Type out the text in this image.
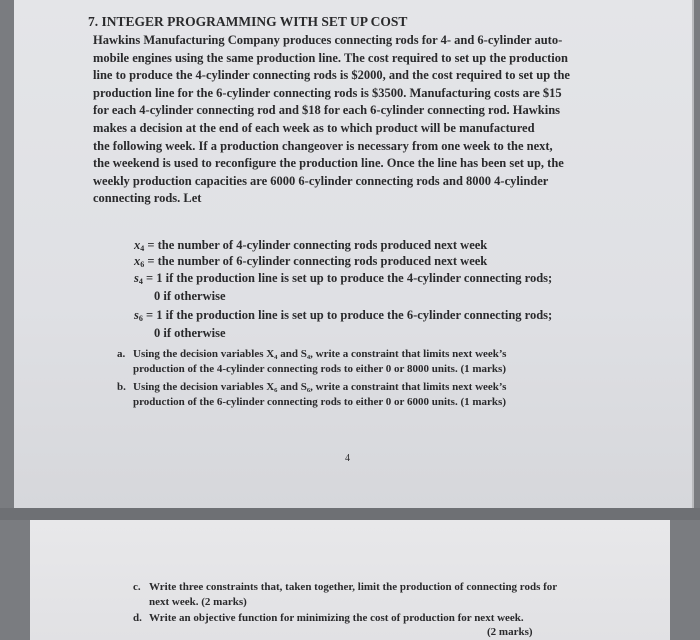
7. INTEGER PROGRAMMING WITH SET UP COST
Hawkins Manufacturing Company produces connecting rods for 4- and 6-cylinder auto-
mobile engines using the same production line. The cost required to set up the production
line to produce the 4-cylinder connecting rods is $2000, and the cost required to set up the
production line for the 6-cylinder connecting rods is $3500. Manufacturing costs are $15
for each 4-cylinder connecting rod and $18 for each 6-cylinder connecting rod. Hawkins
makes a decision at the end of each week as to which product will be manufactured
the following week. If a production changeover is necessary from one week to the next,
the weekend is used to reconfigure the production line. Once the line has been set up, the
weekly production capacities are 6000 6-cylinder connecting rods and 8000 4-cylinder
connecting rods. Let
$x_4$ = the number of 4-cylinder connecting rods produced next week
$x_6$ = the number of 6-cylinder connecting rods produced next week
$s_4 = 1$ if the production line is set up to produce the 4-cylinder connecting rods;
0 if otherwise
$s_6 = 1$ if the production line is set up to produce the 6-cylinder connecting rods;
0 if otherwise
a. Using the decision variables X₄ and S₄, write a constraint that limits next week’s
production of the 4-cylinder connecting rods to either 0 or 8000 units. (1 marks)
b. Using the decision variables X₆ and S₆, write a constraint that limits next week’s
production of the 6-cylinder connecting rods to either 0 or 6000 units. (1 marks)
4
c. Write three constraints that, taken together, limit the production of connecting rods for
next week. (2 marks)
d. Write an objective function for minimizing the cost of production for next week.
(2 marks)
